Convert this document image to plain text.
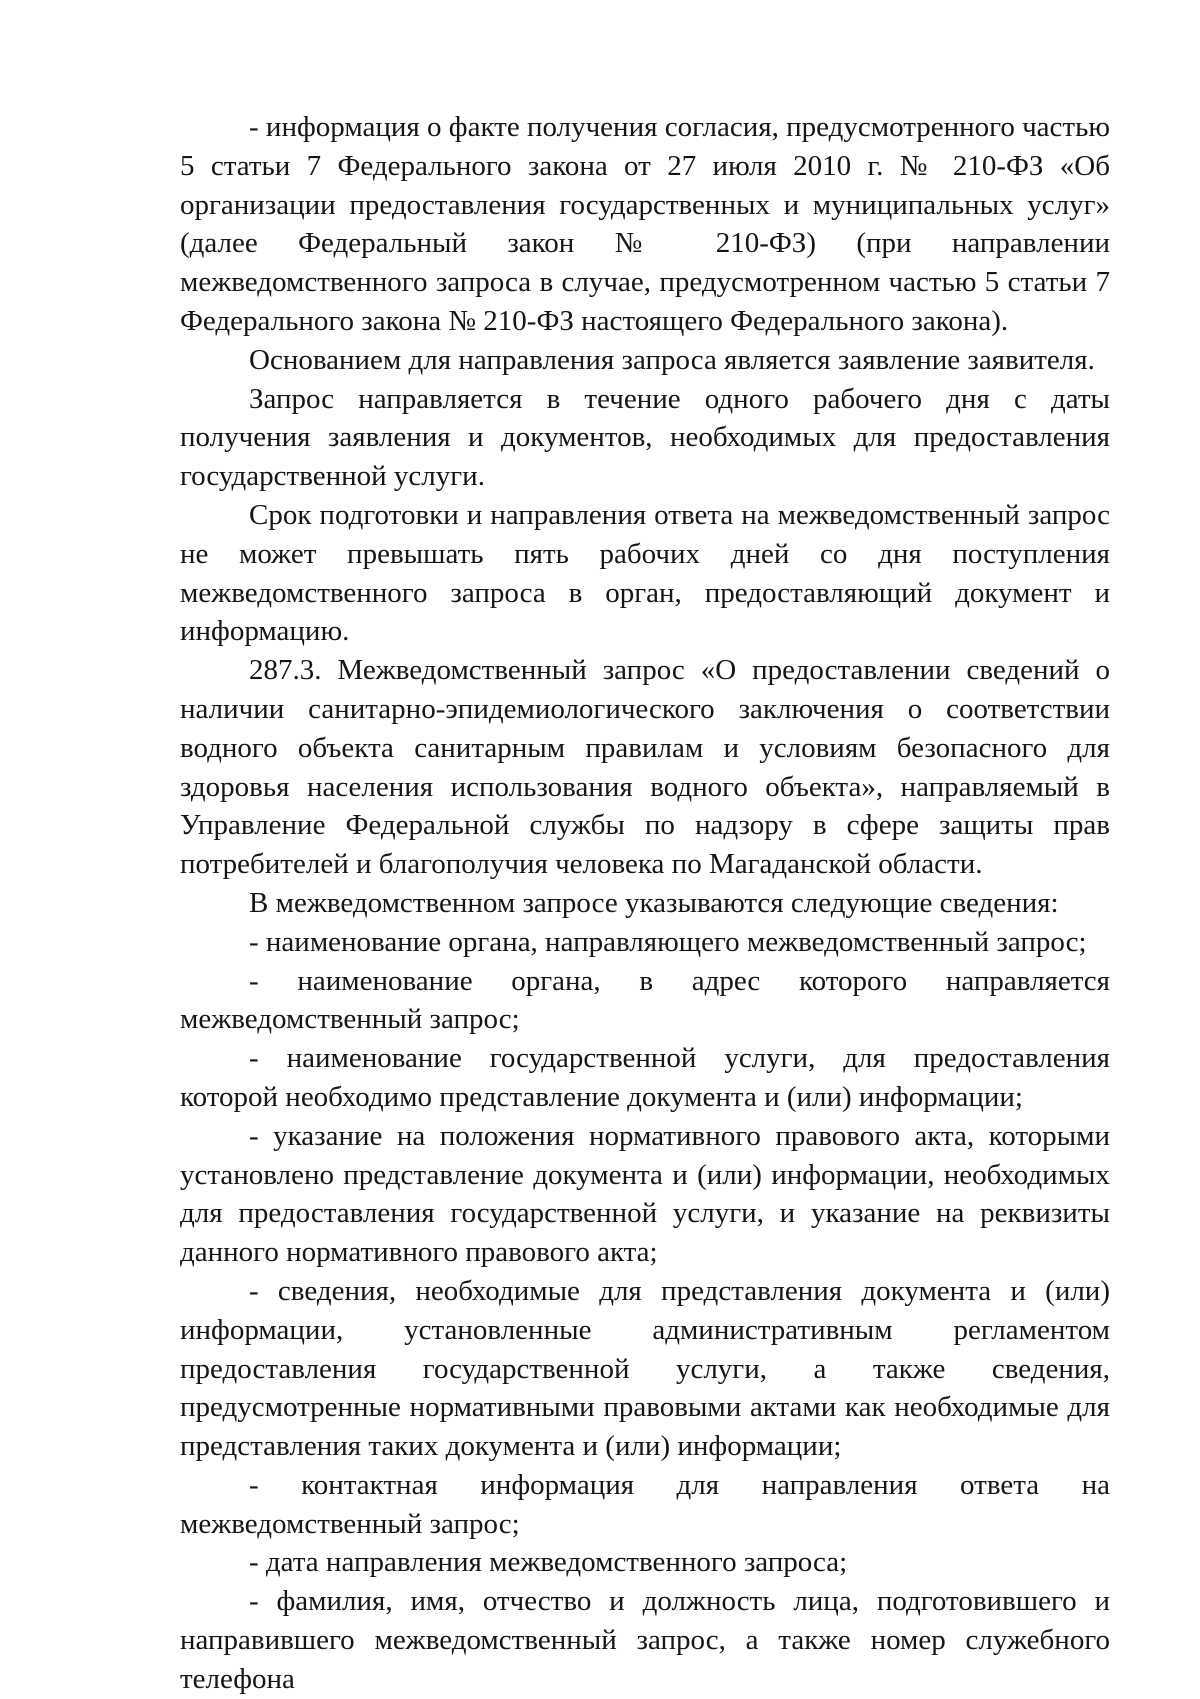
- информация о факте получения согласия, предусмотренного частью 5 статьи 7 Федерального закона от 27 июля 2010 г. № 210-ФЗ «Об организации предоставления государственных и муниципальных услуг» (далее Федеральный закон № 210-ФЗ) (при направлении межведомственного запроса в случае, предусмотренном частью 5 статьи 7 Федерального закона № 210-ФЗ настоящего Федерального закона).

Основанием для направления запроса является заявление заявителя.

Запрос направляется в течение одного рабочего дня с даты получения заявления и документов, необходимых для предоставления государственной услуги.

Срок подготовки и направления ответа на межведомственный запрос не может превышать пять рабочих дней со дня поступления межведомственного запроса в орган, предоставляющий документ и информацию.

287.3. Межведомственный запрос «О предоставлении сведений о наличии санитарно-эпидемиологического заключения о соответствии водного объекта санитарным правилам и условиям безопасного для здоровья населения использования водного объекта», направляемый в Управление Федеральной службы по надзору в сфере защиты прав потребителей и благополучия человека по Магаданской области.

В межведомственном запросе указываются следующие сведения:

- наименование органа, направляющего межведомственный запрос;

- наименование органа, в адрес которого направляется межведомственный запрос;

- наименование государственной услуги, для предоставления которой необходимо представление документа и (или) информации;

- указание на положения нормативного правового акта, которыми установлено представление документа и (или) информации, необходимых для предоставления государственной услуги, и указание на реквизиты данного нормативного правового акта;

- сведения, необходимые для представления документа и (или) информации, установленные административным регламентом предоставления государственной услуги, а также сведения, предусмотренные нормативными правовыми актами как необходимые для представления таких документа и (или) информации;

- контактная информация для направления ответа на межведомственный запрос;

- дата направления межведомственного запроса;

- фамилия, имя, отчество и должность лица, подготовившего и направившего межведомственный запрос, а также номер служебного телефона
